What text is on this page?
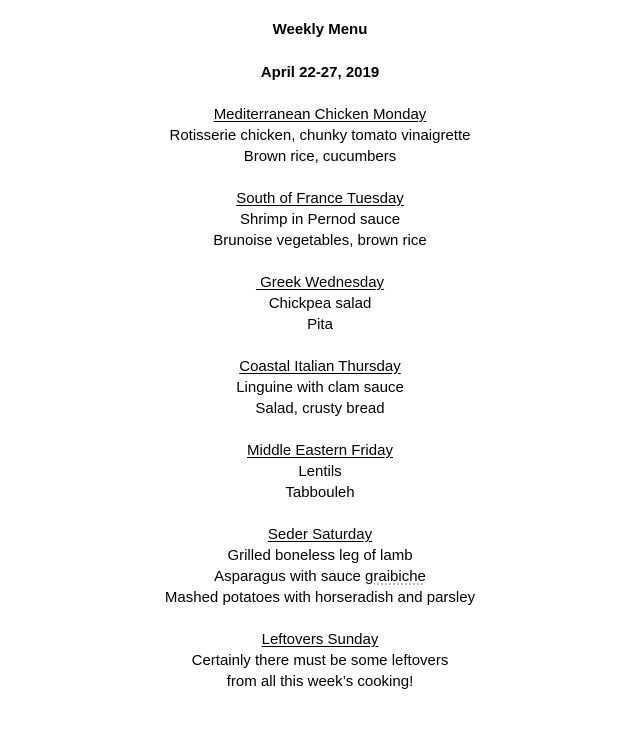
Weekly Menu
April 22-27, 2019
Mediterranean Chicken Monday
Rotisserie chicken, chunky tomato vinaigrette
Brown rice, cucumbers
South of France Tuesday
Shrimp in Pernod sauce
Brunoise vegetables, brown rice
Greek Wednesday
Chickpea salad
Pita
Coastal Italian Thursday
Linguine with clam sauce
Salad, crusty bread
Middle Eastern Friday
Lentils
Tabbouleh
Seder Saturday
Grilled boneless leg of lamb
Asparagus with sauce graibiche
Mashed potatoes with horseradish and parsley
Leftovers Sunday
Certainly there must be some leftovers
from all this week’s cooking!
